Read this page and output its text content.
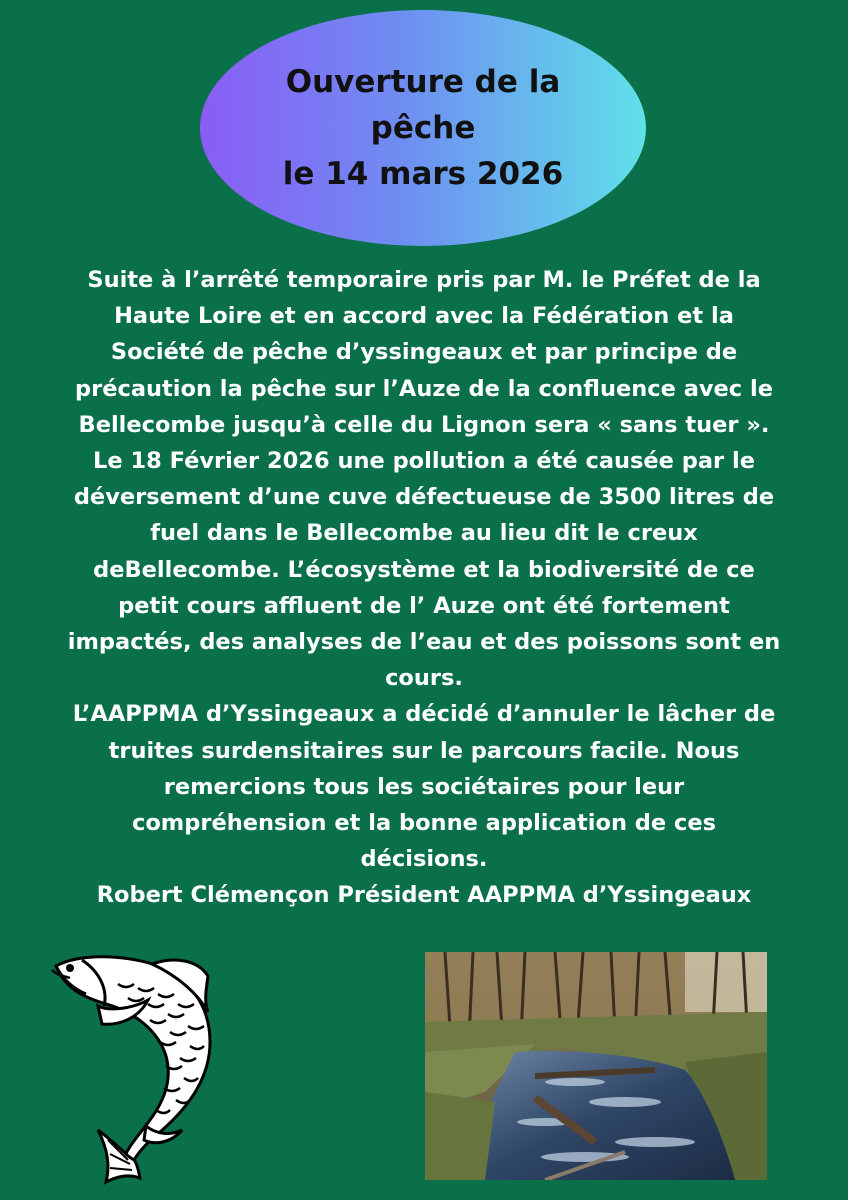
Ouverture de la
pêche
le 14 mars 2026
Suite à l’arrêté temporaire pris par M. le Préfet de la
Haute Loire et en accord avec la Fédération et la
Société de pêche d’yssingeaux et par principe de
précaution la pêche sur l’Auze de la confluence avec le
Bellecombe jusqu’à celle du Lignon sera « sans tuer ».
Le 18 Février 2026 une pollution a été causée par le
déversement d’une cuve défectueuse de 3500 litres de
fuel dans le Bellecombe au lieu dit le creux
deBellecombe. L’écosystème et la biodiversité de ce
petit cours affluent de l’ Auze ont été fortement
impactés, des analyses de l’eau et des poissons sont en
cours.
L’AAPPMA d’Yssingeaux a décidé d’annuler le lâcher de
truites surdensitaires sur le parcours facile. Nous
remercions tous les sociétaires pour leur
compréhension et la bonne application de ces
décisions.
Robert Clémençon Président AAPPMA d’Yssingeaux
